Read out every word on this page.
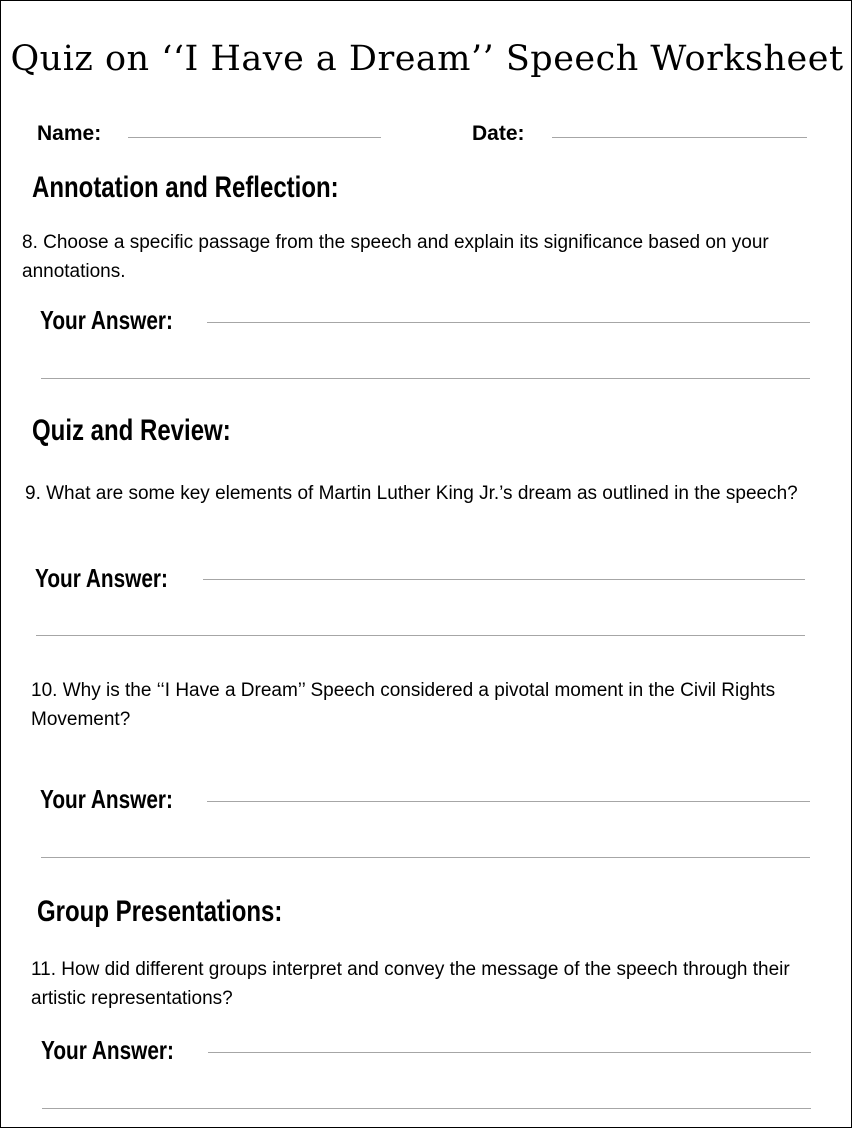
Quiz on ‘‘I Have a Dream’’ Speech Worksheet
Name:	Date:
Annotation and Reflection:
8. Choose a specific passage from the speech and explain its significance based on your annotations.
Your Answer:
Quiz and Review:
9. What are some key elements of Martin Luther King Jr.’s dream as outlined in the speech?
Your Answer:
10. Why is the ‘‘I Have a Dream’’ Speech considered a pivotal moment in the Civil Rights Movement?
Your Answer:
Group Presentations:
11. How did different groups interpret and convey the message of the speech through their artistic representations?
Your Answer:
